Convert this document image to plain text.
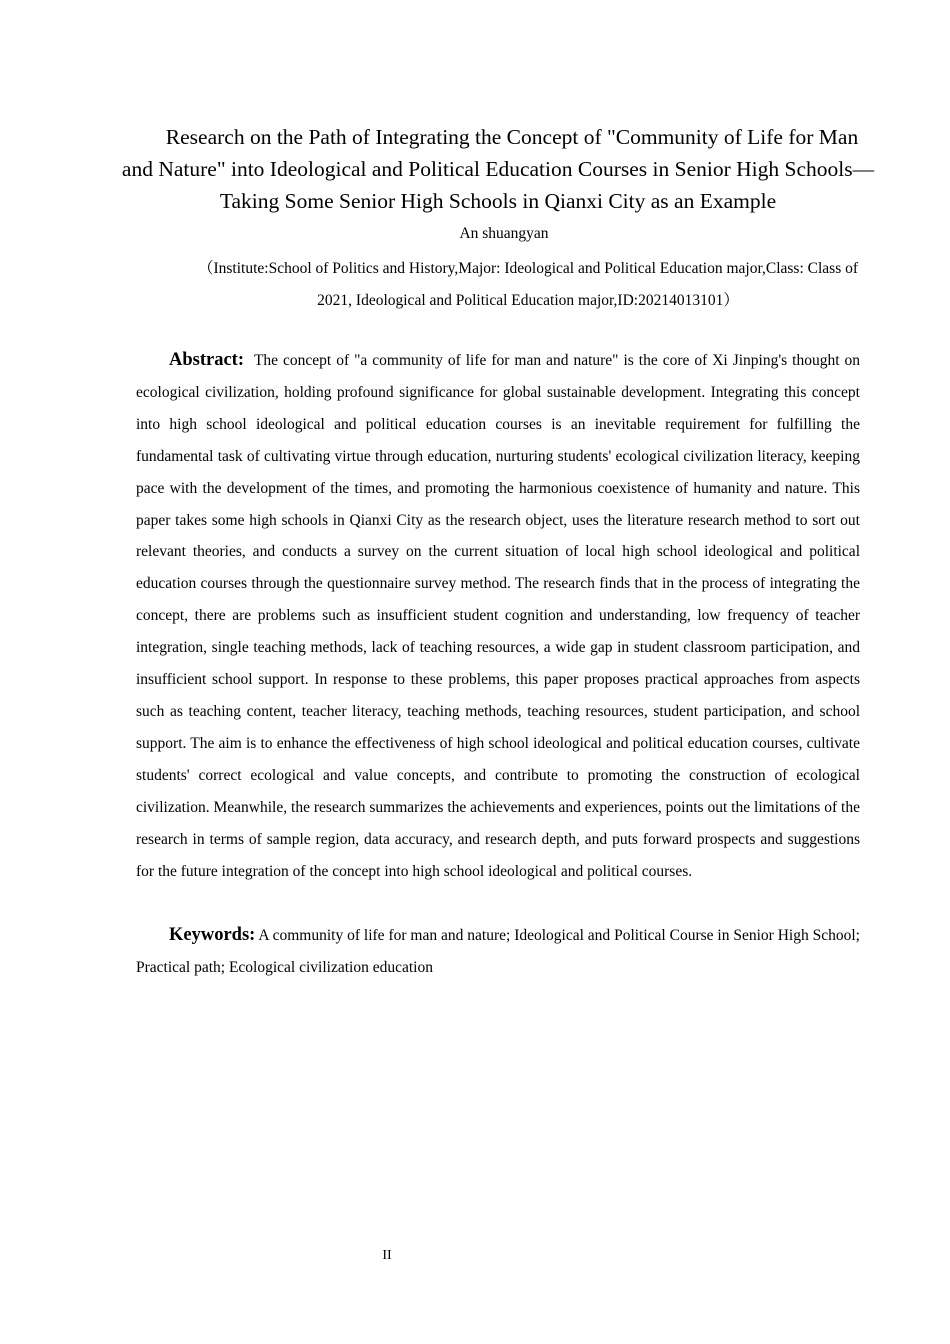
Research on the Path of Integrating the Concept of "Community of Life for Man and Nature" into Ideological and Political Education Courses in Senior High Schools—Taking Some Senior High Schools in Qianxi City as an Example
An shuangyan

（Institute:School of Politics and History,Major: Ideological and Political Education major,Class: Class of 2021, Ideological and Political Education major,ID:20214013101）

Abstract: The concept of "a community of life for man and nature" is the core of Xi Jinping's thought on ecological civilization, holding profound significance for global sustainable development. Integrating this concept into high school ideological and political education courses is an inevitable requirement for fulfilling the fundamental task of cultivating virtue through education, nurturing students' ecological civilization literacy, keeping pace with the development of the times, and promoting the harmonious coexistence of humanity and nature. This paper takes some high schools in Qianxi City as the research object, uses the literature research method to sort out relevant theories, and conducts a survey on the current situation of local high school ideological and political education courses through the questionnaire survey method. The research finds that in the process of integrating the concept, there are problems such as insufficient student cognition and understanding, low frequency of teacher integration, single teaching methods, lack of teaching resources, a wide gap in student classroom participation, and insufficient school support. In response to these problems, this paper proposes practical approaches from aspects such as teaching content, teacher literacy, teaching methods, teaching resources, student participation, and school support. The aim is to enhance the effectiveness of high school ideological and political education courses, cultivate students' correct ecological and value concepts, and contribute to promoting the construction of ecological civilization. Meanwhile, the research summarizes the achievements and experiences, points out the limitations of the research in terms of sample region, data accuracy, and research depth, and puts forward prospects and suggestions for the future integration of the concept into high school ideological and political courses.

Keywords: A community of life for man and nature; Ideological and Political Course in Senior High School; Practical path; Ecological civilization education

II
